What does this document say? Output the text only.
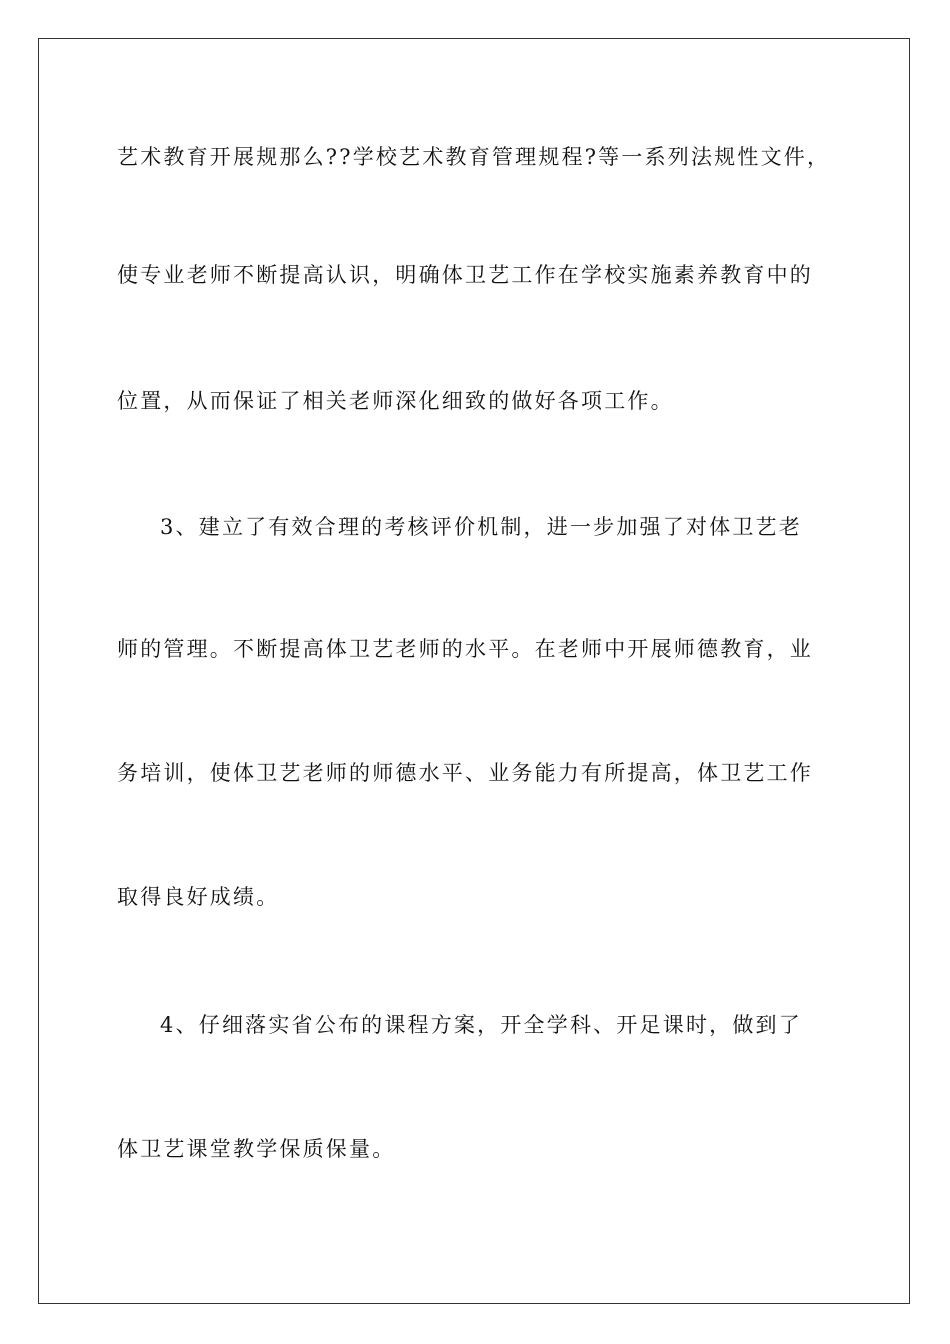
艺术教育开展规那么??学校艺术教育管理规程?等一系列法规性文件，

使专业老师不断提高认识，明确体卫艺工作在学校实施素养教育中的

位置，从而保证了相关老师深化细致的做好各项工作。

3、建立了有效合理的考核评价机制，进一步加强了对体卫艺老

师的管理。不断提高体卫艺老师的水平。在老师中开展师德教育，业

务培训，使体卫艺老师的师德水平、业务能力有所提高，体卫艺工作

取得良好成绩。

4、仔细落实省公布的课程方案，开全学科、开足课时，做到了

体卫艺课堂教学保质保量。
